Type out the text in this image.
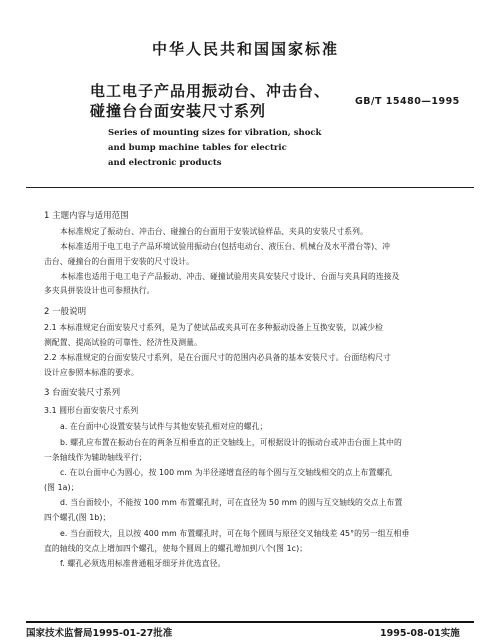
中华人民共和国国家标准
电工电子产品用振动台、冲击台、
碰撞台台面安装尺寸系列
GB/T 15480—1995
Series of mounting sizes for vibration, shock
and bump machine tables for electric
and electronic products
1 主题内容与适用范围
本标准规定了振动台、冲击台、碰撞台的台面用于安装试验样品、夹具的安装尺寸系列。
本标准适用于电工电子产品环境试验用振动台(包括电动台、液压台、机械台及水平滑台等)、冲
击台、碰撞台的台面用于安装的尺寸设计。
本标准也适用于电工电子产品振动、冲击、碰撞试验用夹具安装尺寸设计、台面与夹具间的连接及
多夹具拼装设计也可参照执行。
2 一般说明
2.1 本标准规定台面安装尺寸系列，是为了使试品或夹具可在多种振动设备上互换安装，以减少检
测配置、提高试验的可靠性、经济性及测量。
2.2 本标准规定的台面安装尺寸系列，是在台面尺寸的范围内必具备的基本安装尺寸。台面结构尺寸
设计应参照本标准的要求。
3 台面安装尺寸系列
3.1 圆形台面安装尺寸系列
a. 在台面中心设置安装与试件与其他安装孔相对应的螺孔；
b. 螺孔应布置在振动台在的两条互相垂直的正交轴线上，可根据设计的振动台或冲击台面上其中的
一条轴线作为辅助轴线平行；
c. 在以台面中心为圆心，按 100 mm 为半径递增直径的每个圆与互交轴线相交的点上布置螺孔
(图 1a)；
d. 当台面较小，不能按 100 mm 布置螺孔时，可在直径为 50 mm 的圆与互交轴线的交点上布置
四个螺孔(图 1b)；
e. 当台面较大，且以按 400 mm 布置螺孔时，可在每个圆周与原径交叉轴线差 45°的另一组互相垂
直的轴线的交点上增加四个螺孔，使每个圆周上的螺孔增加到八个(图 1c)；
f. 螺孔必须选用标准普通粗牙细牙并优选直径。
国家技术监督局1995-01-27批准	1995-08-01实施
